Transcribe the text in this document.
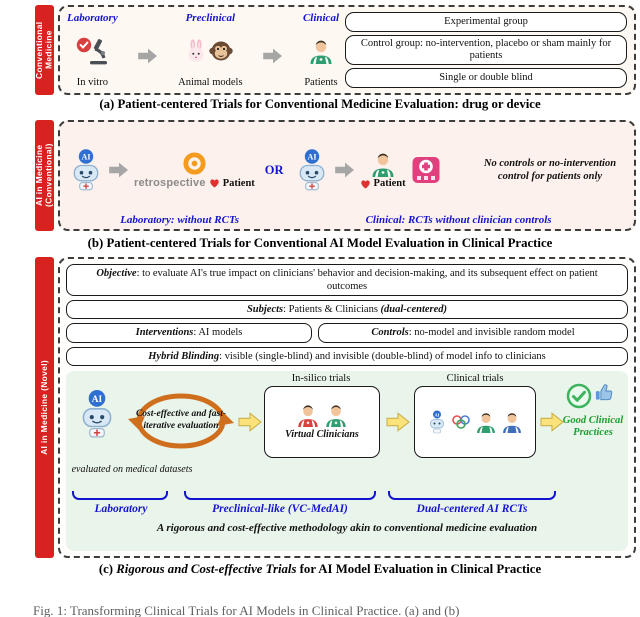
Conventional Medicine
Laboratory
In vitro
Preclinical
Animal models
Clinical
Patients
Experimental group
Control group: no-intervention, placebo or sham mainly for patients
Single or double blind
(a) Patient-centered Trials for Conventional Medicine Evaluation: drug or device
AI in Medicine (Conventional)	AI
retrospective Patient
OR
AI
Patient
No controls or no-intervention control for patients only
Laboratory: without RCTs	Clinical: RCTs without clinician controls
(b) Patient-centered Trials for Conventional AI Model Evaluation in Clinical Practice
AI in Medicine (Novel)
Objective: to evaluate AI's true impact on clinicians' behavior and decision-making, and its subsequent effect on patient outcomes
Subjects: Patients & Clinicians (dual-centered)
Interventions: AI models	Controls: no-model and invisible random model
Hybrid Blinding: visible (single-blind) and invisible (double-blind) of model info to clinicians
In-silico trials	Clinical trials
AI
Cost-effective and fast-iterative evaluation
evaluated on medical datasets
Virtual Clinicians
AI
Good Clinical Practices
Laboratory	Preclinical-like (VC-MedAI)	Dual-centered AI RCTs
A rigorous and cost-effective methodology akin to conventional medicine evaluation
(c) Rigorous and Cost-effective Trials for AI Model Evaluation in Clinical Practice
Fig. 1: Transforming Clinical Trials for AI Models in Clinical Practice. (a) and (b)
